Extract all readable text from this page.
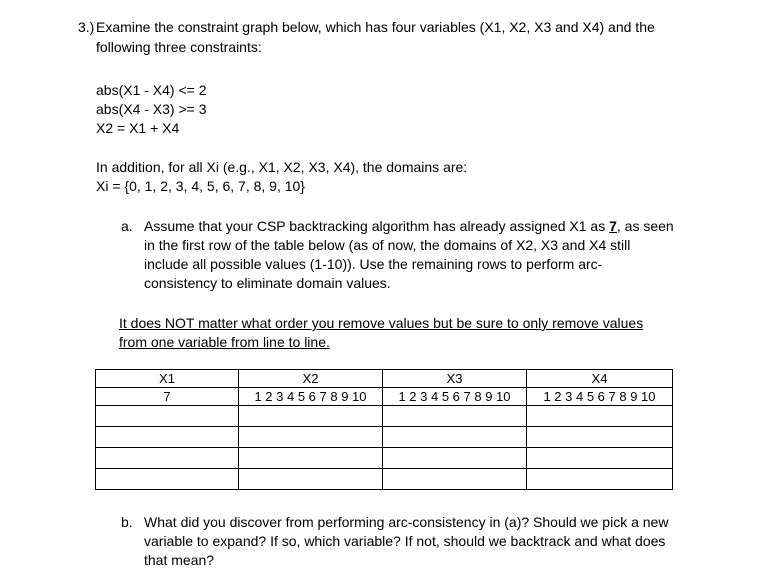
3.) Examine the constraint graph below, which has four variables (X1, X2, X3 and X4) and the
following three constraints:
abs(X1 - X4) <= 2
abs(X4 - X3) >= 3
X2 = X1 + X4
In addition, for all Xi (e.g., X1, X2, X3, X4), the domains are:
Xi = {0, 1, 2, 3, 4, 5, 6, 7, 8, 9, 10}
a. Assume that your CSP backtracking algorithm has already assigned X1 as 7, as seen
in the first row of the table below (as of now, the domains of X2, X3 and X4 still
include all possible values (1-10)). Use the remaining rows to perform arc-
consistency to eliminate domain values.
It does NOT matter what order you remove values but be sure to only remove values
from one variable from line to line.
X1	X2	X3	X4
7	1 2 3 4 5 6 7 8 9 10	1 2 3 4 5 6 7 8 9 10	1 2 3 4 5 6 7 8 9 10

b. What did you discover from performing arc-consistency in (a)? Should we pick a new
variable to expand? If so, which variable? If not, should we backtrack and what does
that mean?
